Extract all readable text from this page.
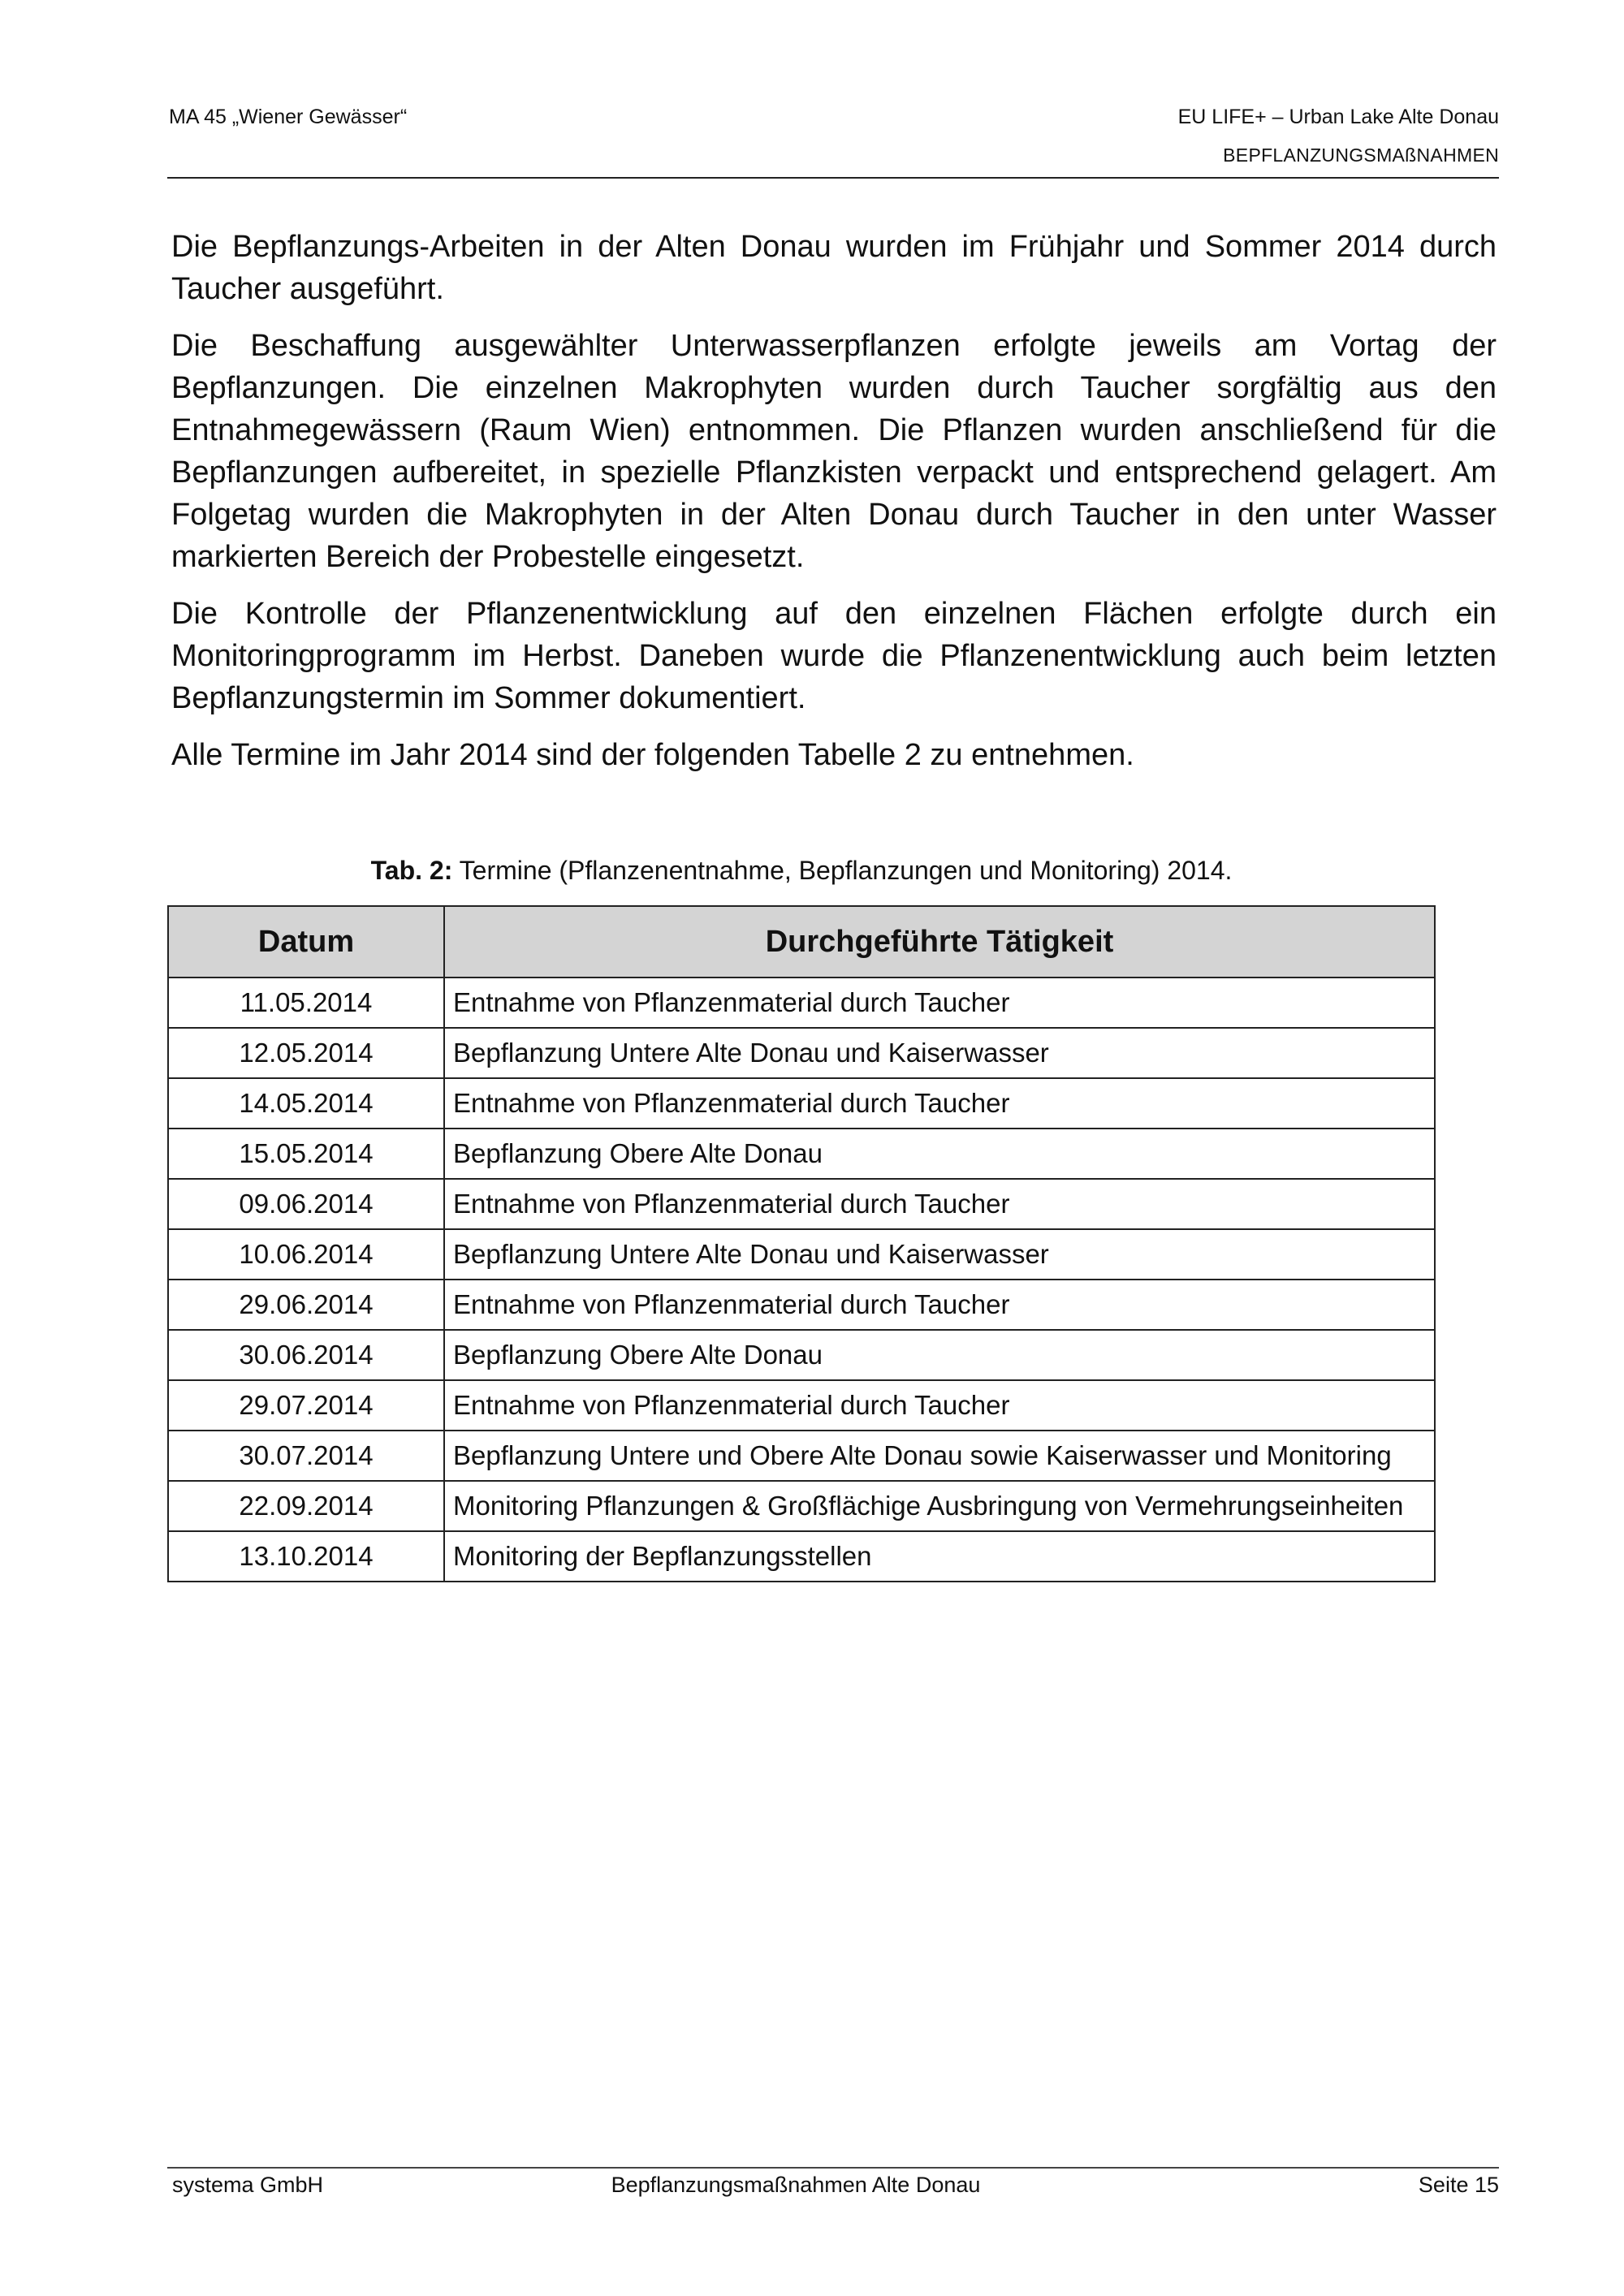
MA 45 „Wiener Gewässer“	EU LIFE+ – Urban Lake Alte Donau
BEPFLANZUNGSMAßNAHMEN

Die Bepflanzungs-Arbeiten in der Alten Donau wurden im Frühjahr und Sommer 2014 durch Taucher ausgeführt.

Die Beschaffung ausgewählter Unterwasserpflanzen erfolgte jeweils am Vortag der Bepflanzungen. Die einzelnen Makrophyten wurden durch Taucher sorgfältig aus den Entnahmegewässern (Raum Wien) entnommen. Die Pflanzen wurden anschließend für die Bepflanzungen aufbereitet, in spezielle Pflanzkisten verpackt und entsprechend gelagert. Am Folgetag wurden die Makrophyten in der Alten Donau durch Taucher in den unter Wasser markierten Bereich der Probestelle eingesetzt.

Die Kontrolle der Pflanzenentwicklung auf den einzelnen Flächen erfolgte durch ein Monitoringprogramm im Herbst. Daneben wurde die Pflanzenentwicklung auch beim letzten Bepflanzungstermin im Sommer dokumentiert.

Alle Termine im Jahr 2014 sind der folgenden Tabelle 2 zu entnehmen.

Tab. 2: Termine (Pflanzenentnahme, Bepflanzungen und Monitoring) 2014.
Datum	Durchgeführte Tätigkeit
11.05.2014	Entnahme von Pflanzenmaterial durch Taucher
12.05.2014	Bepflanzung Untere Alte Donau und Kaiserwasser
14.05.2014	Entnahme von Pflanzenmaterial durch Taucher
15.05.2014	Bepflanzung Obere Alte Donau
09.06.2014	Entnahme von Pflanzenmaterial durch Taucher
10.06.2014	Bepflanzung Untere Alte Donau und Kaiserwasser
29.06.2014	Entnahme von Pflanzenmaterial durch Taucher
30.06.2014	Bepflanzung Obere Alte Donau
29.07.2014	Entnahme von Pflanzenmaterial durch Taucher
30.07.2014	Bepflanzung Untere und Obere Alte Donau sowie Kaiserwasser und Monitoring
22.09.2014	Monitoring Pflanzungen & Großflächige Ausbringung von Vermehrungseinheiten
13.10.2014	Monitoring der Bepflanzungsstellen
systema GmbH	Bepflanzungsmaßnahmen Alte Donau	Seite 15
